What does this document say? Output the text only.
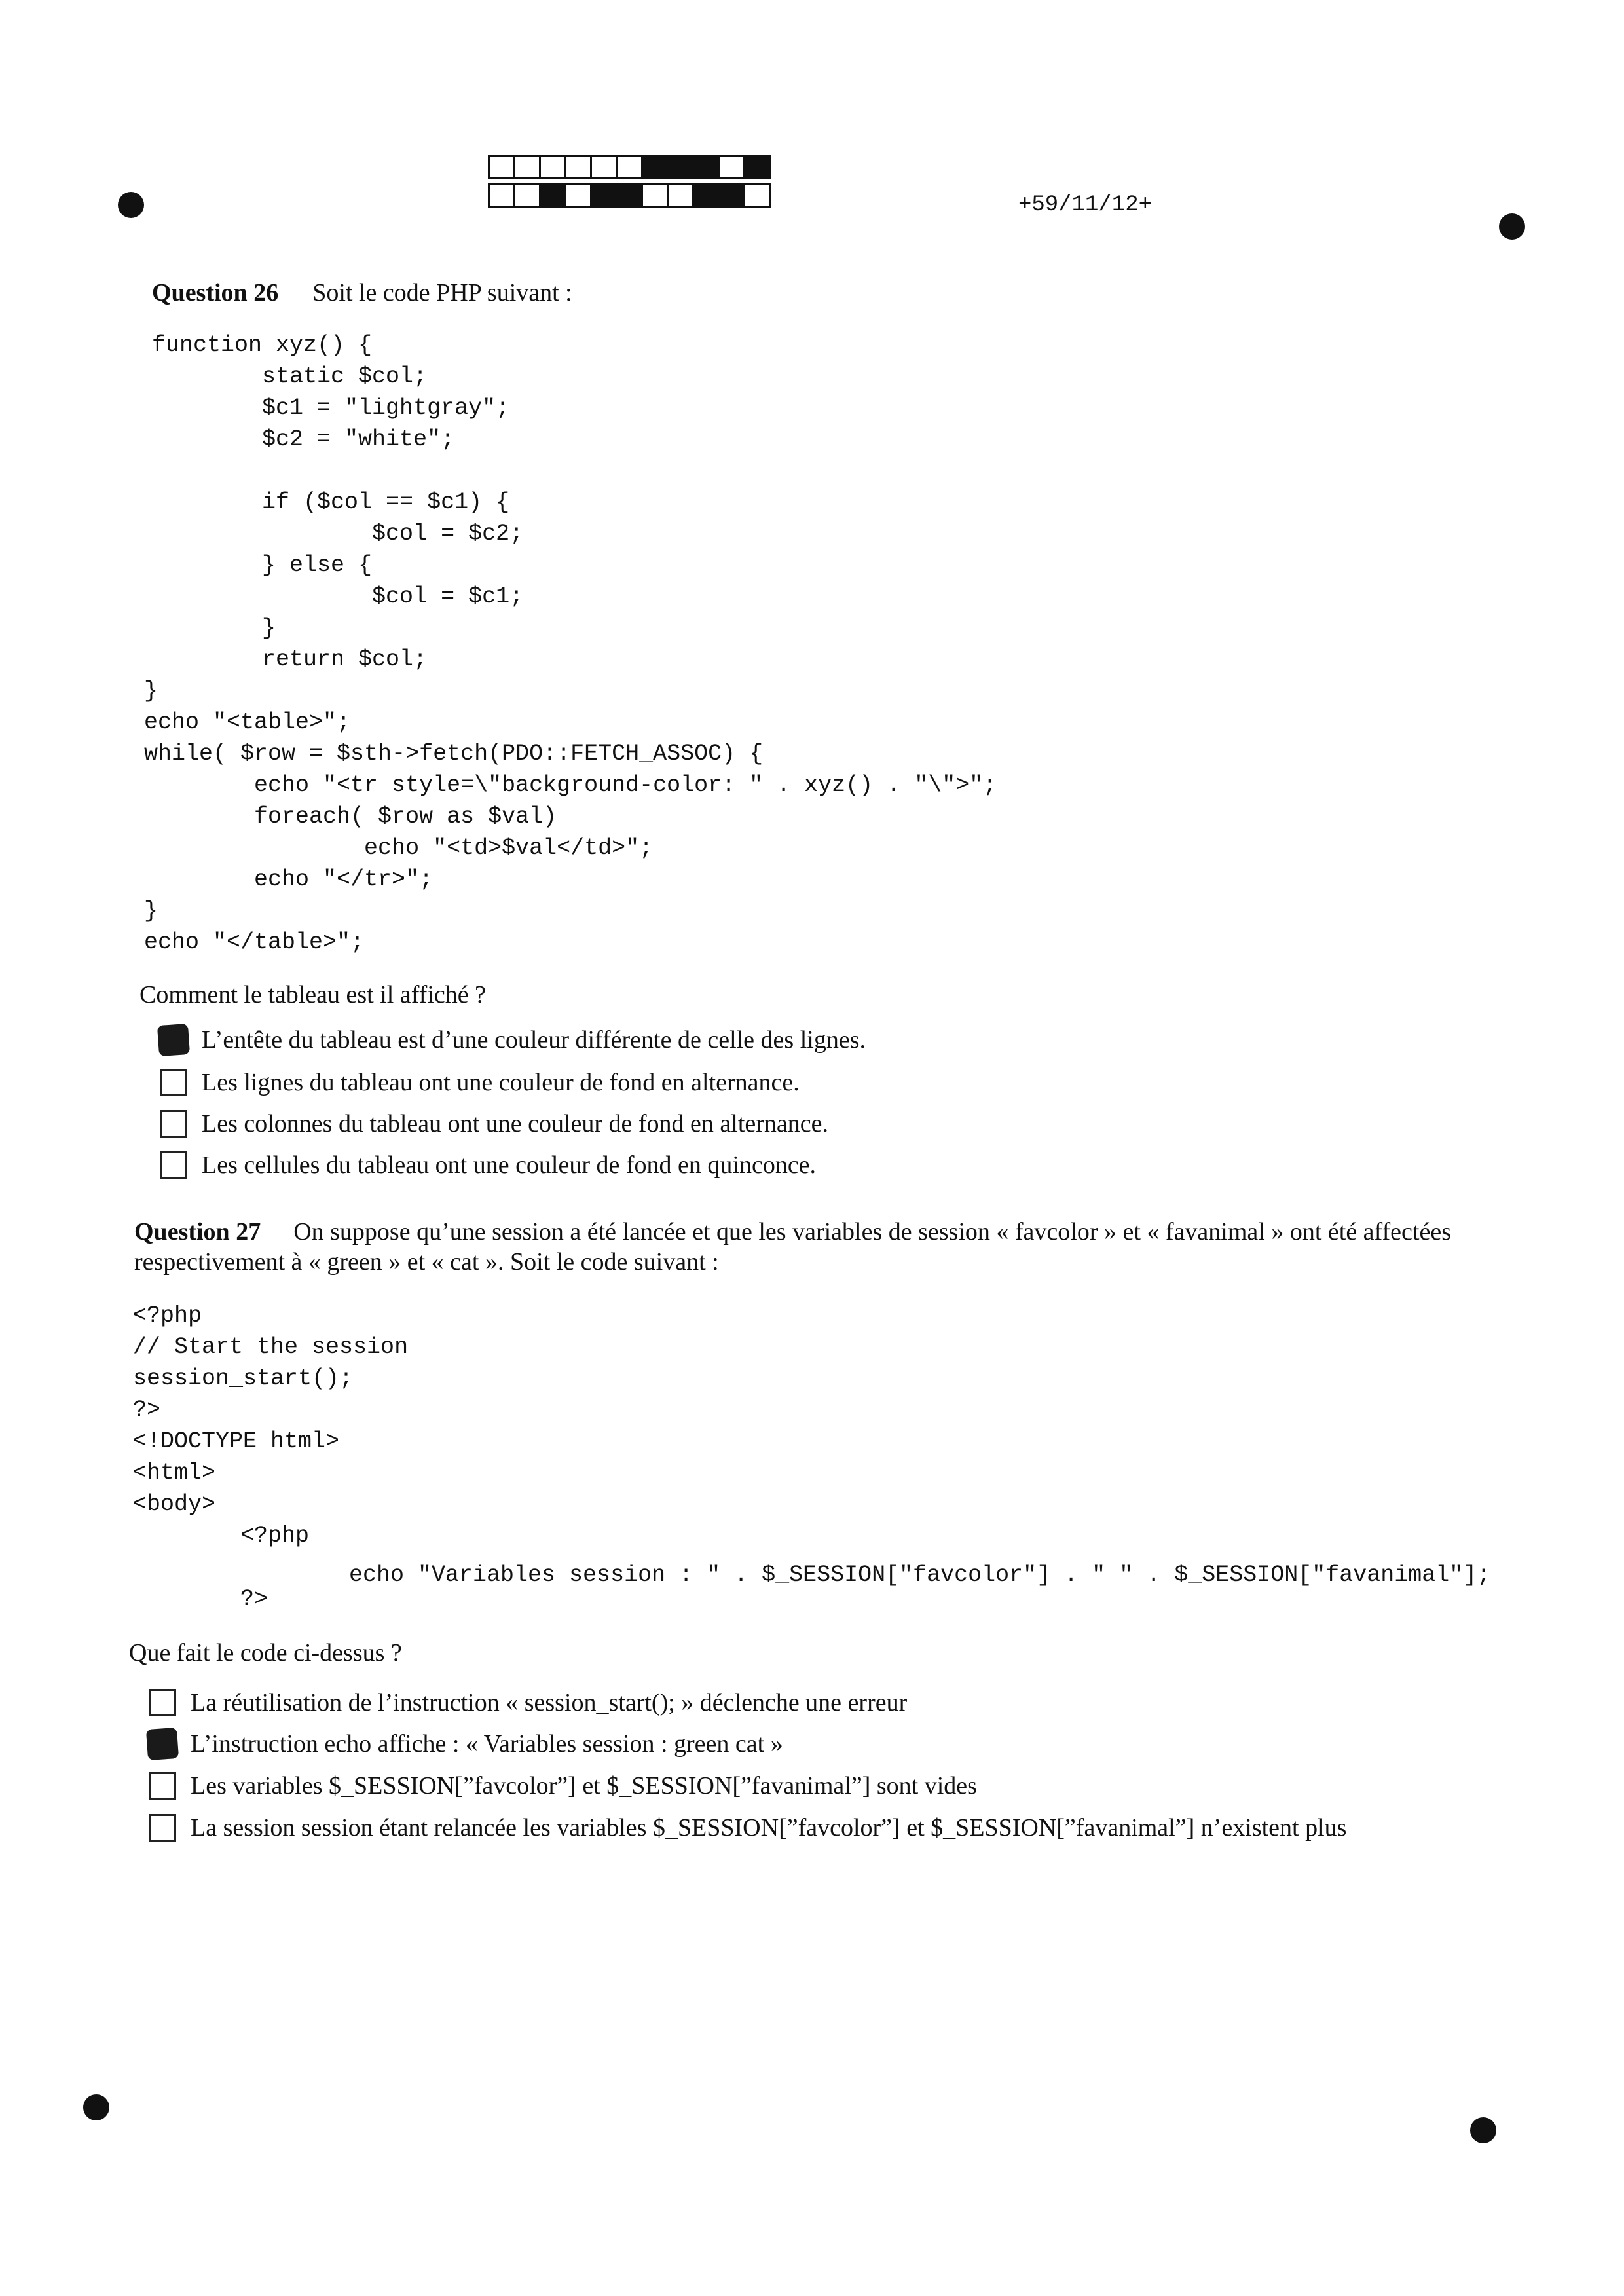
+59/11/12+
Question 26 Soit le code PHP suivant :
function xyz() {
static $col;
$c1 = "lightgray";
$c2 = "white";

if ($col == $c1) {
$col = $c2;
} else {
$col = $c1;
}
return $col;
}
echo "<table>";
while( $row = $sth->fetch(PDO::FETCH_ASSOC) {
echo "<tr style=\"background-color: " . xyz() . "\">";
foreach( $row as $val)
echo "<td>$val</td>";
echo "</tr>";
}
echo "</table>";
Comment le tableau est il affiché ?
L’entête du tableau est d’une couleur différente de celle des lignes.
Les lignes du tableau ont une couleur de fond en alternance.
Les colonnes du tableau ont une couleur de fond en alternance.
Les cellules du tableau ont une couleur de fond en quinconce.
Question 27 On suppose qu’une session a été lancée et que les variables de session « favcolor » et « favanimal » ont été affectées respectivement à « green » et « cat ». Soit le code suivant :
<?php
// Start the session
session_start();
?>
<!DOCTYPE html>
<html>
<body>
<?php
echo "Variables session : " . $_SESSION["favcolor"] . " " . $_SESSION["favanimal"];
?>
Que fait le code ci-dessus ?
La réutilisation de l’instruction « session_start(); » déclenche une erreur
L’instruction echo affiche : « Variables session : green cat »
Les variables $_SESSION[”favcolor”] et $_SESSION[”favanimal”] sont vides
La session session étant relancée les variables $_SESSION[”favcolor”] et $_SESSION[”favanimal”] n’existent plus
